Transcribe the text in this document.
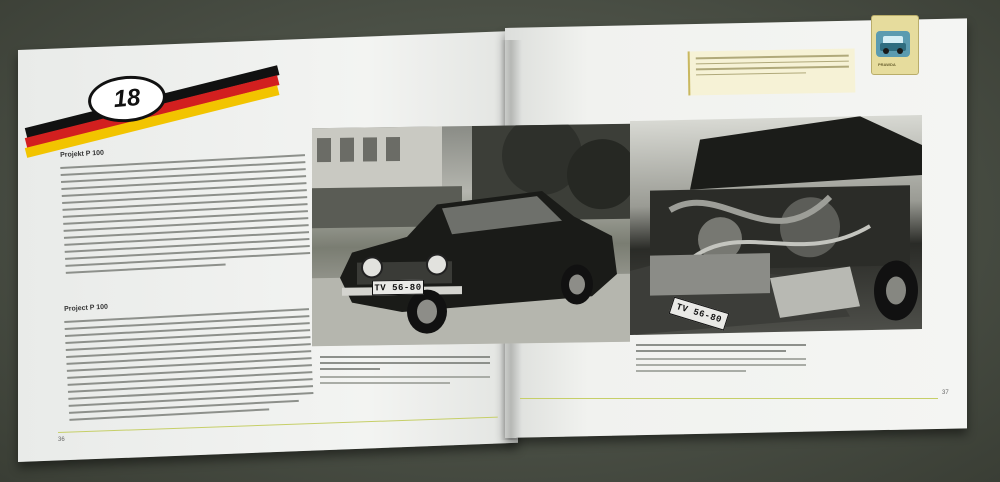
18
Projekt P 100
Project P 100
TV 56-80
TV 56-80
36
37
PRAWDA
